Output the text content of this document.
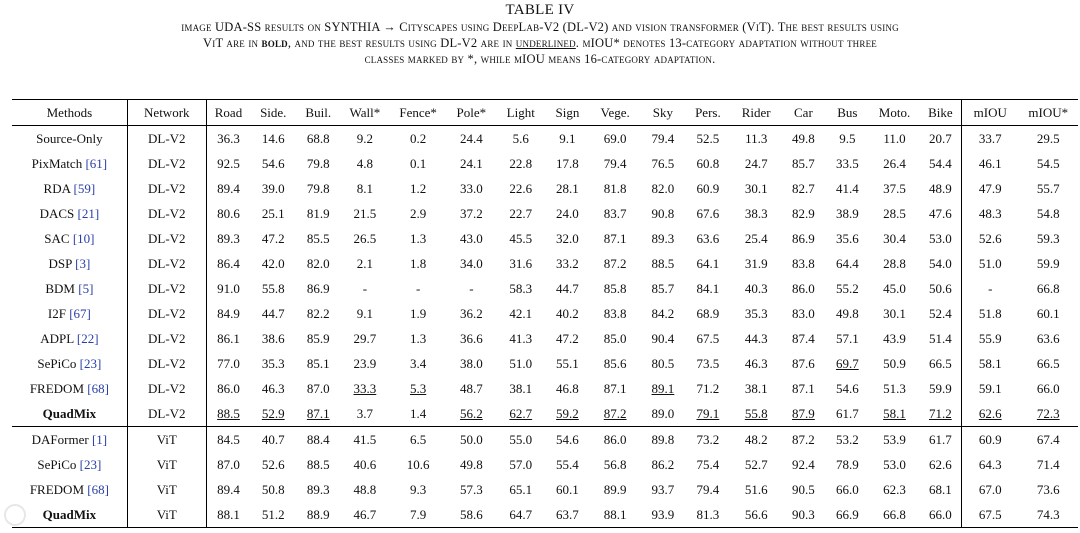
TABLE IV
image UDA-SS results on SYNTHIA → Cityscapes using DeepLab-V2 (DL-V2) and vision transformer (ViT). The best results using
ViT are in bold, and the best results using DL-V2 are in underlined. mIOU* denotes 13-category adaptation without three
classes marked by *, while mIOU means 16-category adaptation.
Methods	Network	Road	Side.	Buil.	Wall*	Fence*	Pole*	Light	Sign	Vege.	Sky	Pers.	Rider	Car	Bus	Moto.	Bike	mIOU	mIOU*
Source-Only	DL-V2	36.3	14.6	68.8	9.2	0.2	24.4	5.6	9.1	69.0	79.4	52.5	11.3	49.8	9.5	11.0	20.7	33.7	29.5
PixMatch [61]	DL-V2	92.5	54.6	79.8	4.8	0.1	24.1	22.8	17.8	79.4	76.5	60.8	24.7	85.7	33.5	26.4	54.4	46.1	54.5
RDA [59]	DL-V2	89.4	39.0	79.8	8.1	1.2	33.0	22.6	28.1	81.8	82.0	60.9	30.1	82.7	41.4	37.5	48.9	47.9	55.7
DACS [21]	DL-V2	80.6	25.1	81.9	21.5	2.9	37.2	22.7	24.0	83.7	90.8	67.6	38.3	82.9	38.9	28.5	47.6	48.3	54.8
SAC [10]	DL-V2	89.3	47.2	85.5	26.5	1.3	43.0	45.5	32.0	87.1	89.3	63.6	25.4	86.9	35.6	30.4	53.0	52.6	59.3
DSP [3]	DL-V2	86.4	42.0	82.0	2.1	1.8	34.0	31.6	33.2	87.2	88.5	64.1	31.9	83.8	64.4	28.8	54.0	51.0	59.9
BDM [5]	DL-V2	91.0	55.8	86.9	-	-	-	58.3	44.7	85.8	85.7	84.1	40.3	86.0	55.2	45.0	50.6	-	66.8
I2F [67]	DL-V2	84.9	44.7	82.2	9.1	1.9	36.2	42.1	40.2	83.8	84.2	68.9	35.3	83.0	49.8	30.1	52.4	51.8	60.1
ADPL [22]	DL-V2	86.1	38.6	85.9	29.7	1.3	36.6	41.3	47.2	85.0	90.4	67.5	44.3	87.4	57.1	43.9	51.4	55.9	63.6
SePiCo [23]	DL-V2	77.0	35.3	85.1	23.9	3.4	38.0	51.0	55.1	85.6	80.5	73.5	46.3	87.6	69.7	50.9	66.5	58.1	66.5
FREDOM [68]	DL-V2	86.0	46.3	87.0	33.3	5.3	48.7	38.1	46.8	87.1	89.1	71.2	38.1	87.1	54.6	51.3	59.9	59.1	66.0
QuadMix	DL-V2	88.5	52.9	87.1	3.7	1.4	56.2	62.7	59.2	87.2	89.0	79.1	55.8	87.9	61.7	58.1	71.2	62.6	72.3
DAFormer [1]	ViT	84.5	40.7	88.4	41.5	6.5	50.0	55.0	54.6	86.0	89.8	73.2	48.2	87.2	53.2	53.9	61.7	60.9	67.4
SePiCo [23]	ViT	87.0	52.6	88.5	40.6	10.6	49.8	57.0	55.4	56.8	86.2	75.4	52.7	92.4	78.9	53.0	62.6	64.3	71.4
FREDOM [68]	ViT	89.4	50.8	89.3	48.8	9.3	57.3	65.1	60.1	89.9	93.7	79.4	51.6	90.5	66.0	62.3	68.1	67.0	73.6
QuadMix	ViT	88.1	51.2	88.9	46.7	7.9	58.6	64.7	63.7	88.1	93.9	81.3	56.6	90.3	66.9	66.8	66.0	67.5	74.3
